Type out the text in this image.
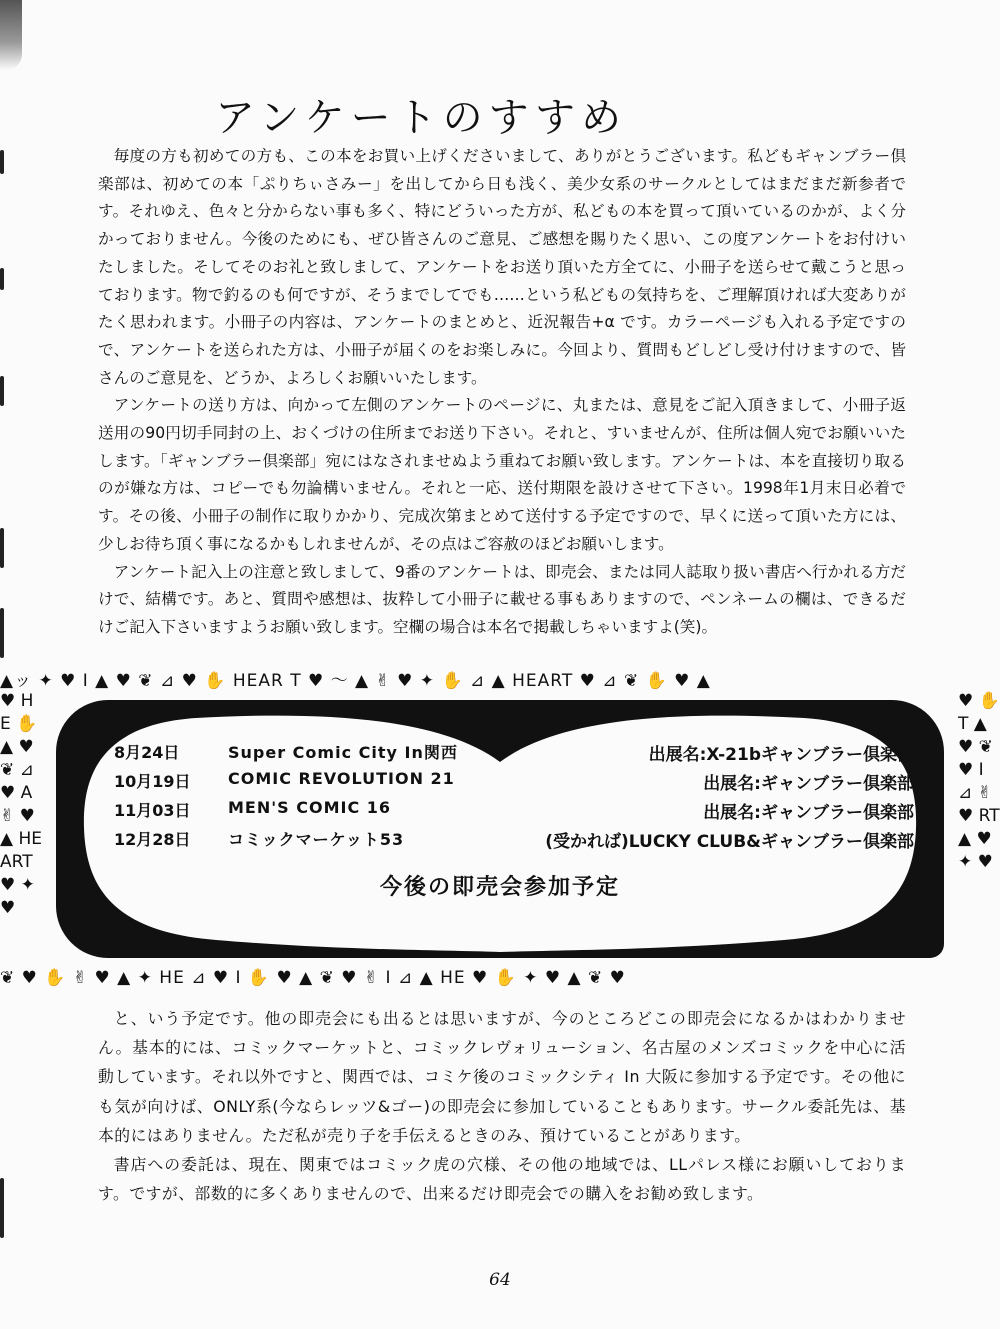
アンケートのすすめ

毎度の方も初めての方も、この本をお買い上げくださいまして、ありがとうございます。私どもギャンブラー倶楽部は、初めての本「ぷりちぃさみー」を出してから日も浅く、美少女系のサークルとしてはまだまだ新参者です。それゆえ、色々と分からない事も多く、特にどういった方が、私どもの本を買って頂いているのかが、よく分かっておりません。今後のためにも、ぜひ皆さんのご意見、ご感想を賜りたく思い、この度アンケートをお付けいたしました。そしてそのお礼と致しまして、アンケートをお送り頂いた方全てに、小冊子を送らせて戴こうと思っております。物で釣るのも何ですが、そうまでしてでも……という私どもの気持ちを、ご理解頂ければ大変ありがたく思われます。小冊子の内容は、アンケートのまとめと、近況報告+α です。カラーページも入れる予定ですので、アンケートを送られた方は、小冊子が届くのをお楽しみに。今回より、質問もどしどし受け付けますので、皆さんのご意見を、どうか、よろしくお願いいたします。

アンケートの送り方は、向かって左側のアンケートのページに、丸または、意見をご記入頂きまして、小冊子返送用の90円切手同封の上、おくづけの住所までお送り下さい。それと、すいませんが、住所は個人宛でお願いいたします。「ギャンブラー倶楽部」宛にはなされませぬよう重ねてお願い致します。アンケートは、本を直接切り取るのが嫌な方は、コピーでも勿論構いません。それと一応、送付期限を設けさせて下さい。1998年1月末日必着です。その後、小冊子の制作に取りかかり、完成次第まとめて送付する予定ですので、早くに送って頂いた方には、少しお待ち頂く事になるかもしれませんが、その点はご容赦のほどお願いします。

アンケート記入上の注意と致しまして、9番のアンケートは、即売会、または同人誌取り扱い書店へ行かれる方だけで、結構です。あと、質問や感想は、抜粋して小冊子に載せる事もありますので、ペンネームの欄は、できるだけご記入下さいますようお願い致します。空欄の場合は本名で掲載しちゃいますよ(笑)。

▲ッ ✦ ♥ I ▲ ♥ ❦ ⊿ ♥ ✋ HEAR T ♥ 〜 ▲ ✌ ♥ ✦ ✋ ⊿ ▲ HEART ♥ ⊿ ❦ ✋ ♥ ▲
❦ ♥ ✋ ✌ ♥ ▲ ✦ HE ⊿ ♥ I ✋ ♥ ▲ ❦ ♥ ✌ I ⊿ ▲ HE ♥ ✋ ✦ ♥ ▲ ❦ ♥
♥ HE ✋ ▲ ♥ ❦ ⊿ ♥ A ✌ ♥ ▲ HEART ♥ ✦ ♥
♥ ✋ T ▲ ♥ ❦ ♥ I ⊿ ✌ ♥ RT ▲ ♥ ✦ ♥
8月24日	Super Comic City In関西	出展名:X-21bギャンブラー倶楽部
10月19日 COMIC REVOLUTION 21	出展名:ギャンブラー倶楽部
11月03日 MEN'S COMIC 16	出展名:ギャンブラー倶楽部
12月28日 コミックマーケット53	(受かれば)LUCKY CLUB&ギャンブラー倶楽部
今後の即売会参加予定

と、いう予定です。他の即売会にも出るとは思いますが、今のところどこの即売会になるかはわかりません。基本的には、コミックマーケットと、コミックレヴォリューション、名古屋のメンズコミックを中心に活動しています。それ以外ですと、関西では、コミケ後のコミックシティ In 大阪に参加する予定です。その他にも気が向けば、ONLY系(今ならレッツ&ゴー)の即売会に参加していることもあります。サークル委託先は、基本的にはありません。ただ私が売り子を手伝えるときのみ、預けていることがあります。

書店への委託は、現在、関東ではコミック虎の穴様、その他の地域では、LLパレス様にお願いしております。ですが、部数的に多くありませんので、出来るだけ即売会での購入をお勧め致します。

64
